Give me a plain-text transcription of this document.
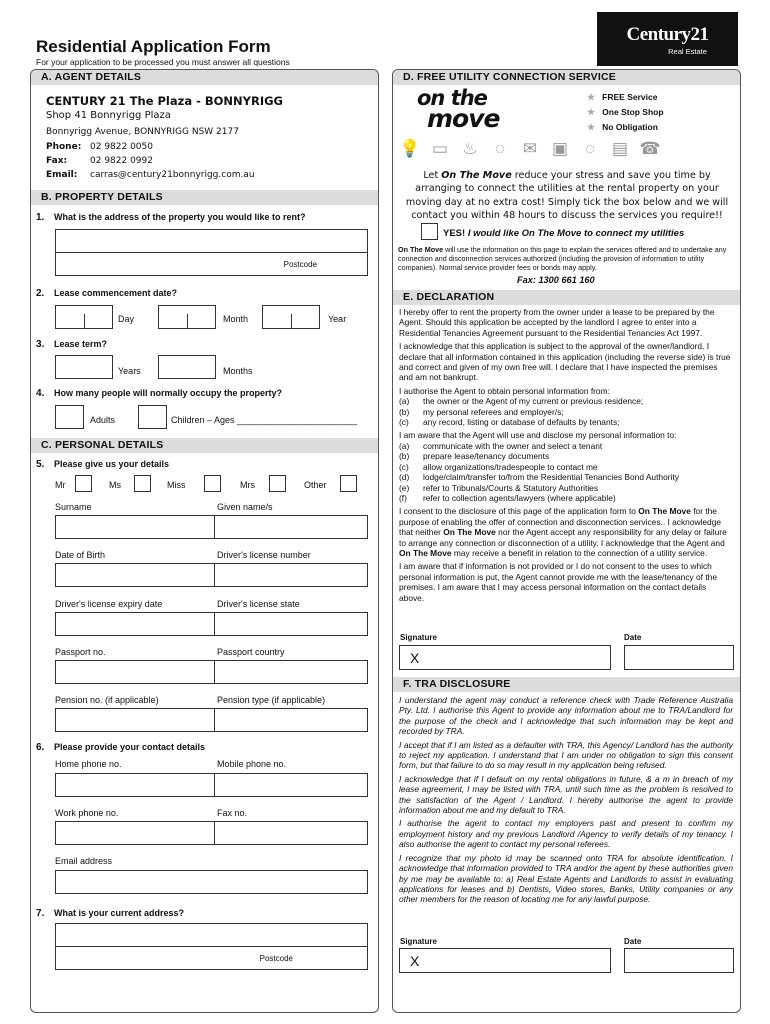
Residential Application Form
For your application to be processed you must answer all questions
Century21
Real Estate
A. AGENT DETAILS
CENTURY 21 The Plaza - BONNYRIGG
Shop 41 Bonnyrigg Plaza
Bonnyrigg Avenue, BONNYRIGG NSW 2177
Phone: 02 9822 0050
Fax:	02 9822 0992
Email: carras@century21bonnyrigg.com.au
B. PROPERTY DETAILS
1. What is the address of the property you would like to rent?
Postcode
2. Lease commencement date?
Day	Month	Year
3. Lease term?
Years	Months
4. How many people will normally occupy the property?
Adults	Children – Ages ________________________
C. PERSONAL DETAILS
5. Please give us your details
Mr	Ms	Miss	Mrs	Other
Surname	Given name/s
Date of Birth	Driver's license number
Driver's license expiry date	Driver's license state
Passport no.	Passport country
Pension no. (if applicable)	Pension type (if applicable)
6. Please provide your contact details
Home phone no.	Mobile phone no.
Work phone no.	Fax no.
Email address
7. What is your current address?
Postcode
D. FREE UTILITY CONNECTION SERVICE
on the
move
★ FREE Service
★ One Stop Shop
★ No Obligation
💡 ▭ ♨ ◌ ✉ ▣ ◌ ▤ ☎
Let On The Move reduce your stress and save you time by arranging to connect the utilities at the rental property on your moving day at no extra cost! Simply tick the box below and we will contact you within 48 hours to discuss the services you require!!
YES! I would like On The Move to connect my utilities
On The Move will use the information on this page to explain the services offered and to undertake any connection and disconnection services authorized (including the provision of information to utility companies). Normal service provider fees or bonds may apply.
Fax: 1300 661 160
E. DECLARATION

I hereby offer to rent the property from the owner under a lease to be prepared by the Agent. Should this application be accepted by the landlord I agree to enter into a Residential Tenancies Agreement pursuant to the Residential Tenancies Act 1997.

I acknowledge that this application is subject to the approval of the owner/landlord. I declare that all information contained in this application (including the reverse side) is true and correct and given of my own free will. I declare that I have inspected the premises and am not bankrupt.

I authorise the Agent to obtain personal information from:

(a) the owner or the Agent of my current or previous residence;
(b) my personal referees and employer/s;
(c) any record, listing or database of defaults by tenants;

I am aware that the Agent will use and disclose my personal information to:

(a) communicate with the owner and select a tenant
(b) prepare lease/tenancy documents
(c) allow organizations/tradespeople to contact me
(d) lodge/claim/transfer to/from the Residential Tenancies Bond Authority
(e) refer to Tribunals/Courts & Statutory Authorities
(f) refer to collection agents/lawyers (where applicable)

I consent to the disclosure of this page of the application form to On The Move for the purpose of enabling the offer of connection and disconnection services.. I acknowledge that neither On The Move nor the Agent accept any responsibility for any delay or failure to arrange any connection or disconnection of a utility. I acknowledge that the Agent and On The Move may receive a benefit in relation to the connection of a utility service.

I am aware that if information is not provided or I do not consent to the uses to which personal information is put, the Agent cannot provide me with the lease/tenancy of the premises. I am aware that I may access personal information on the contact details above.

Signature	Date
X
F. TRA DISCLOSURE

I understand the agent may conduct a reference check with Trade Reference Australia Pty. Ltd. I authorise this Agent to provide any information about me to TRA/Landlord for the purpose of the check and I acknowledge that such information may be kept and recorded by TRA.

I accept that if I am listed as a defaulter with TRA, this Agency/ Landlord has the authority to reject my application. I understand that I am under no obligation to sign this consent form, but that failure to do so may result in my application being refused.

I acknowledge that if I default on my rental obligations in future, & a m in breach of my lease agreement, I may be listed with TRA, until such time as the problem is resolved to the satisfaction of the Agent / Landlord. I hereby authorise the agent to provide information about me and my default to TRA.

I authorise the agent to contact my employers past and present to confirm my employment history and my previous Landlord /Agency to verify details of my tenancy. I also authorise the agent to contact my personal referees.

I recognize that my photo id may be scanned onto TRA for absolute identification. I acknowledge that information provided to TRA and/or the agent by these authorities given by me may be available to: a) Real Estate Agents and Landlords to assist in evaluating applications for leases and b) Dentists, Video stores, Banks, Utility companies or any other members for the reason of locating me for any lawful purpose.

Signature	Date
X
